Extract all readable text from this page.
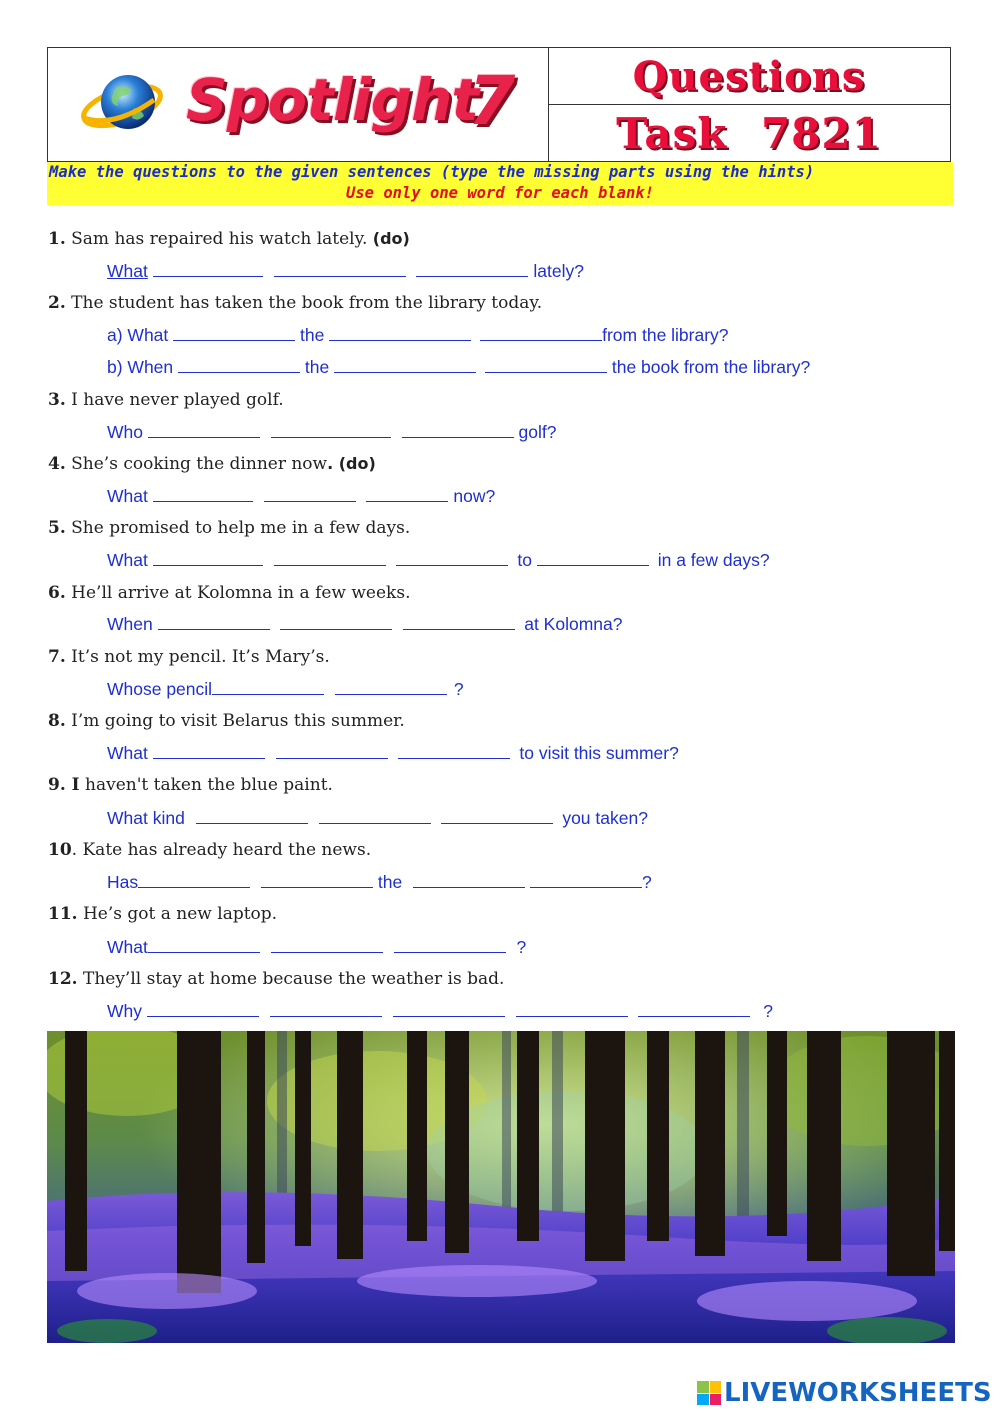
Spotlight
7	Questions
Task 7821
Make the questions to the given sentences (type the missing parts using the hints)
Use only one word for each blank!
1. Sam has repaired his watch lately. (do)
What	lately?
2. The student has taken the book from the library today.
a) What	the	from the library?
b) When	the	the book from the library?
3. I have never played golf.
Who	golf?
4. She’s cooking the dinner now. (do)
What	now?
5. She promised to help me in a few days.
What	to	in a few days?
6. He’ll arrive at Kolomna in a few weeks.
When	at Kolomna?
7. It’s not my pencil. It’s Mary’s.
Whose pencil	?
8. I’m going to visit Belarus this summer.
What	to visit this summer?
9. I haven't taken the blue paint.
What kind	you taken?
10. Kate has already heard the news.
Has	the	?
11. He’s got a new laptop.
What	?
12. They’ll stay at home because the weather is bad.
Why	?
LIVEWORKSHEETS
